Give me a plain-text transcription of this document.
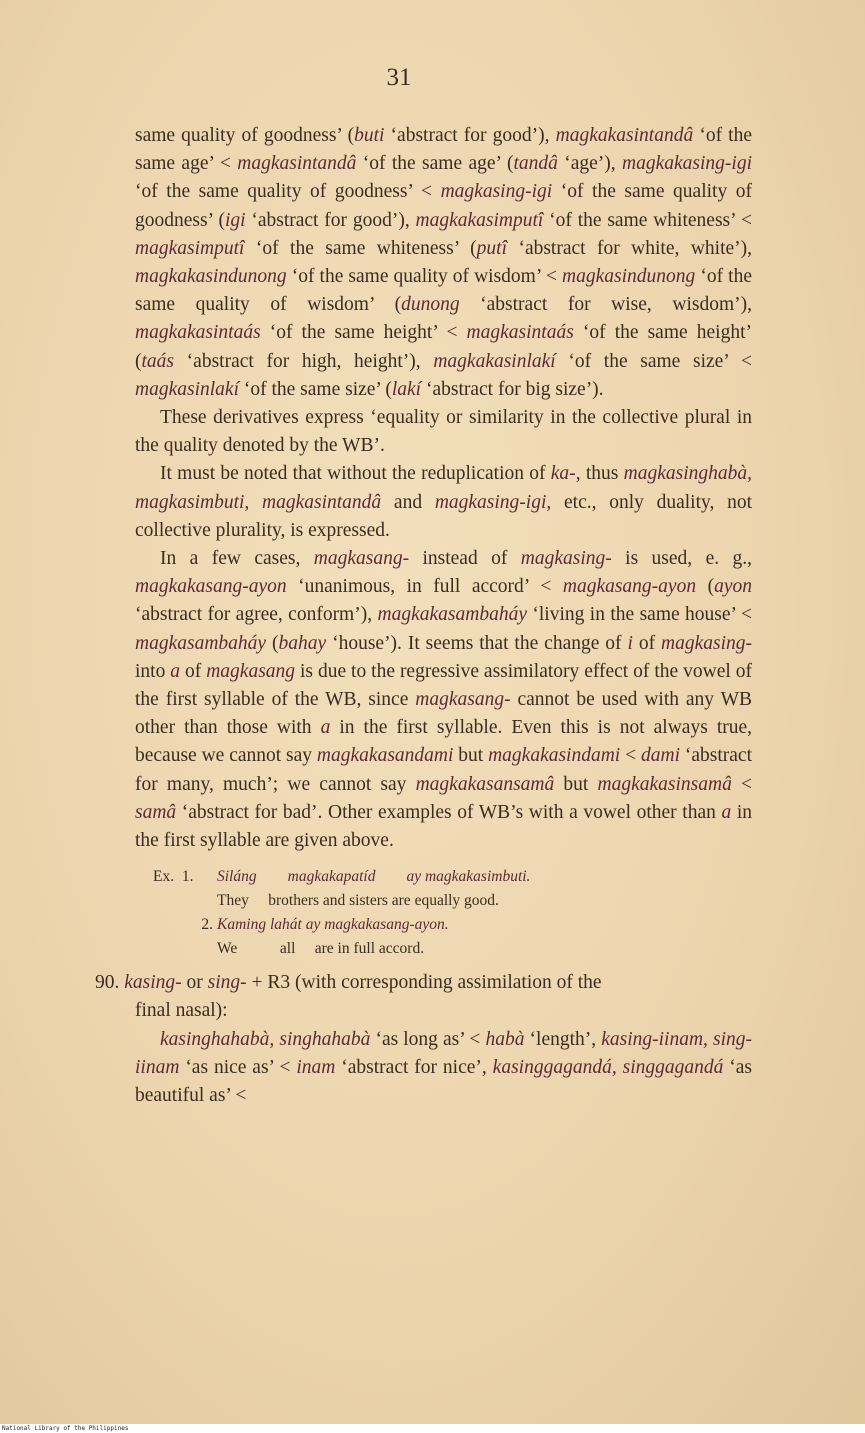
31

same quality of goodness’ (buti ‘abstract for good’), magkakasintandâ ‘of the same age’ < magkasintandâ ‘of the same age’ (tandâ ‘age’), magkakasing-igi ‘of the same quality of goodness’ < magkasing-igi ‘of the same quality of goodness’ (igi ‘abstract for good’), magkakasimputî ‘of the same whiteness’ < magkasimputî ‘of the same whiteness’ (putî ‘abstract for white, white’), magkakasindunong ‘of the same quality of wisdom’ < magkasindunong ‘of the same quality of wisdom’ (dunong ‘abstract for wise, wisdom’), magkakasintaás ‘of the same height’ < magkasintaás ‘of the same height’ (taás ‘abstract for high, height’), magkakasinlakí ‘of the same size’ < magkasinlakí ‘of the same size’ (lakí ‘abstract for big size’).

These derivatives express ‘equality or similarity in the collective plural in the quality denoted by the WB’.

It must be noted that without the reduplication of ka-, thus magkasinghabà, magkasimbuti, magkasintandâ and magkasing-igi, etc., only duality, not collective plurality, is expressed.

In a few cases, magkasang- instead of magkasing- is used, e. g., magkakasang-ayon ‘unanimous, in full accord’ < magkasang-ayon (ayon ‘abstract for agree, conform’), magkakasambaháy ‘living in the same house’ < magkasambaháy (bahay ‘house’). It seems that the change of i of magkasing- into a of magkasang is due to the regressive assimilatory effect of the vowel of the first syllable of the WB, since magkasang- cannot be used with any WB other than those with a in the first syllable. Even this is not always true, because we cannot say magkakasandami but magkakasindami < dami ‘abstract for many, much’; we cannot say magkakasansamâ but magkakasinsamâ < samâ ‘abstract for bad’. Other examples of WB’s with a vowel other than a in the first syllable are given above.

Ex.  1.	Siláng magkakapatíd ay magkakasimbuti.
They     brothers and sisters are equally good.
2. Kaming lahát ay magkakasang-ayon.
We           all     are in full accord.

90. kasing- or sing- + R3 (with corresponding assimilation of the

final nasal):

kasinghahabà, singhahabà ‘as long as’ < habà ‘length’, kasing-iinam, sing-iinam ‘as nice as’ < inam ‘abstract for nice’, kasinggagandá, singgagandá ‘as beautiful as’ <

National Library of the Philippines
